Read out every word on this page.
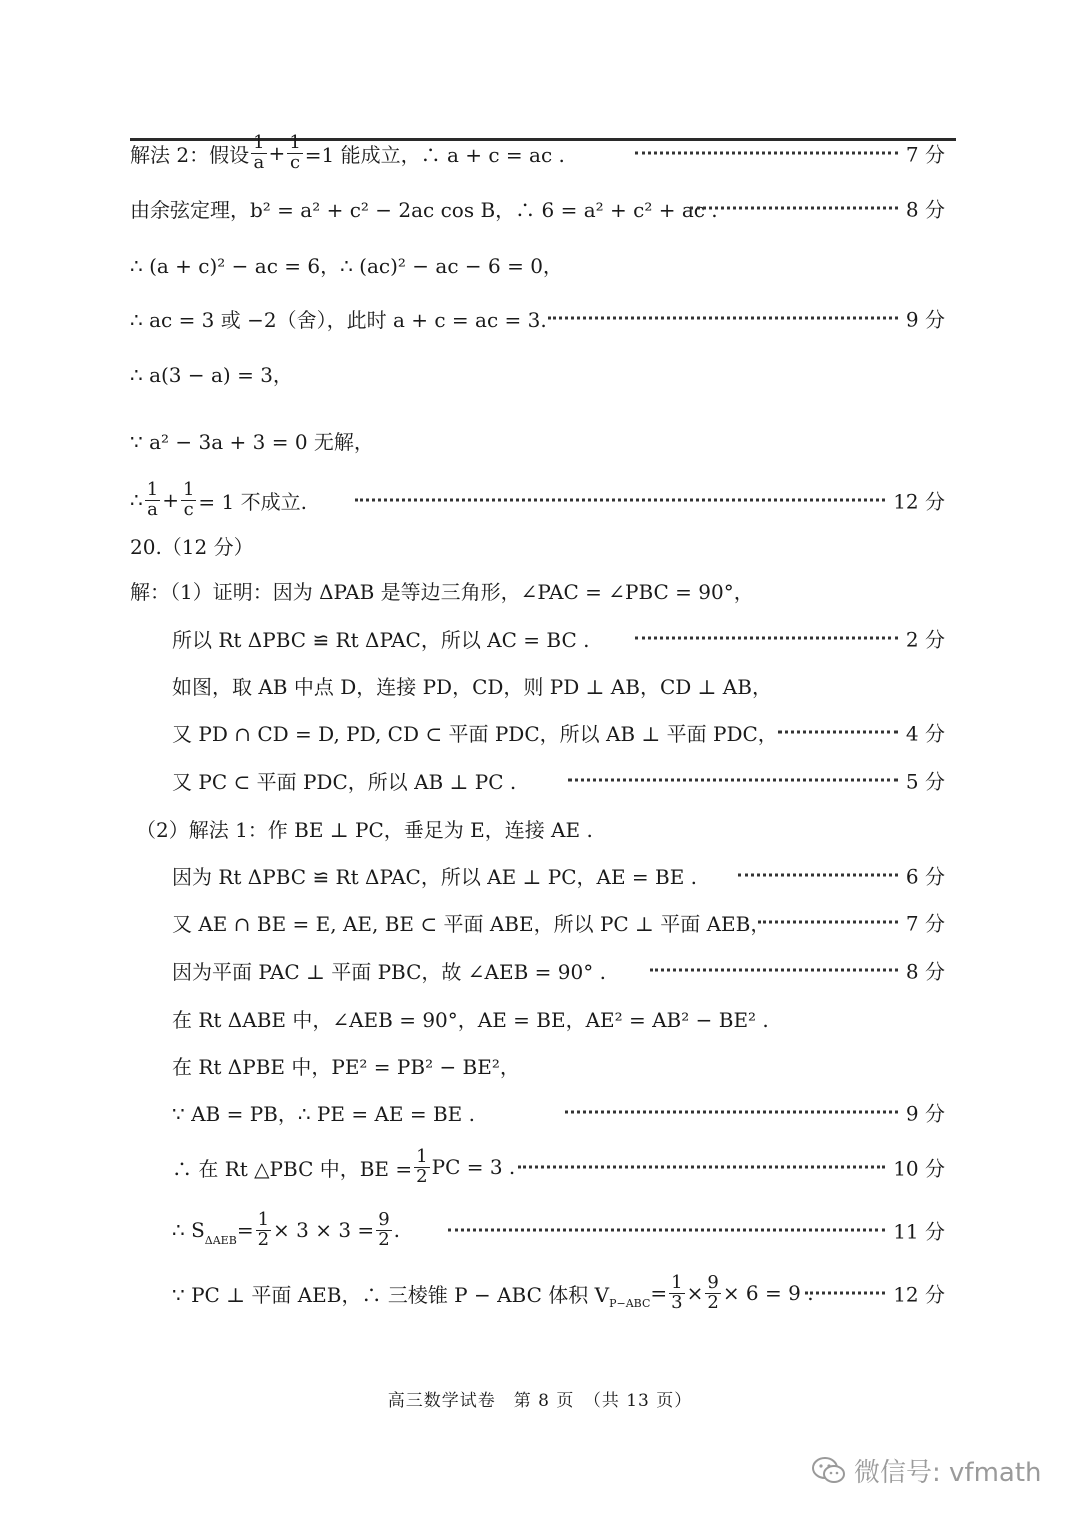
解法 2：假设 $\frac{1}{a} + \frac{1}{c} =1$ 能成立，∴ a + c = ac .	7 分
由余弦定理，b² = a² + c² − 2ac cos B，∴ 6 = a² + c² + ac .	8 分
∴ (a + c)² − ac = 6，∴ (ac)² − ac − 6 = 0，
∴ ac = 3 或 −2（舍），此时 a + c = ac = 3.	9 分
∴ a(3 − a) = 3，
∵ a² − 3a + 3 = 0 无解，
∴ $\frac{1}{a} + \frac{1}{c} = 1$ 不成立.	12 分
20.（12 分）
解：（1）证明：因为 ΔPAB 是等边三角形，∠PAC = ∠PBC = 90°，
所以 Rt ΔPBC ≌ Rt ΔPAC，所以 AC = BC .	2 分
如图，取 AB 中点 D，连接 PD，CD，则 PD ⊥ AB，CD ⊥ AB，
又 PD ∩ CD = D, PD, CD ⊂ 平面 PDC，所以 AB ⊥ 平面 PDC，	4 分
又 PC ⊂ 平面 PDC，所以 AB ⊥ PC .	5 分
（2）解法 1：作 BE ⊥ PC，垂足为 E，连接 AE .
因为 Rt ΔPBC ≌ Rt ΔPAC，所以 AE ⊥ PC，AE = BE .	6 分
又 AE ∩ BE = E, AE, BE ⊂ 平面 ABE，所以 PC ⊥ 平面 AEB，	7 分
因为平面 PAC ⊥ 平面 PBC，故 ∠AEB = 90° .	8 分
在 Rt ΔABE 中，∠AEB = 90°，AE = BE，AE² = AB² − BE² .
在 Rt ΔPBE 中，PE² = PB² − BE²，
∵ AB = PB，∴ PE = AE = BE .	9 分
∴ 在 Rt △PBC 中，BE = $\frac{1}{2}$ PC = 3 .	10 分
∴ S $\Delta AEB = \frac{1}{2} \times 3 \times 3 = \frac{9}{2}$ .	11 分
∵ PC ⊥ 平面 AEB，∴ 三棱锥 P − ABC 体积 V $P-ABC = \frac{1}{3} \times \frac{9}{2} \times 6 = 9$ .	12 分
高三数学试卷　第 8 页　（共 13 页）
微信号: vfmath
